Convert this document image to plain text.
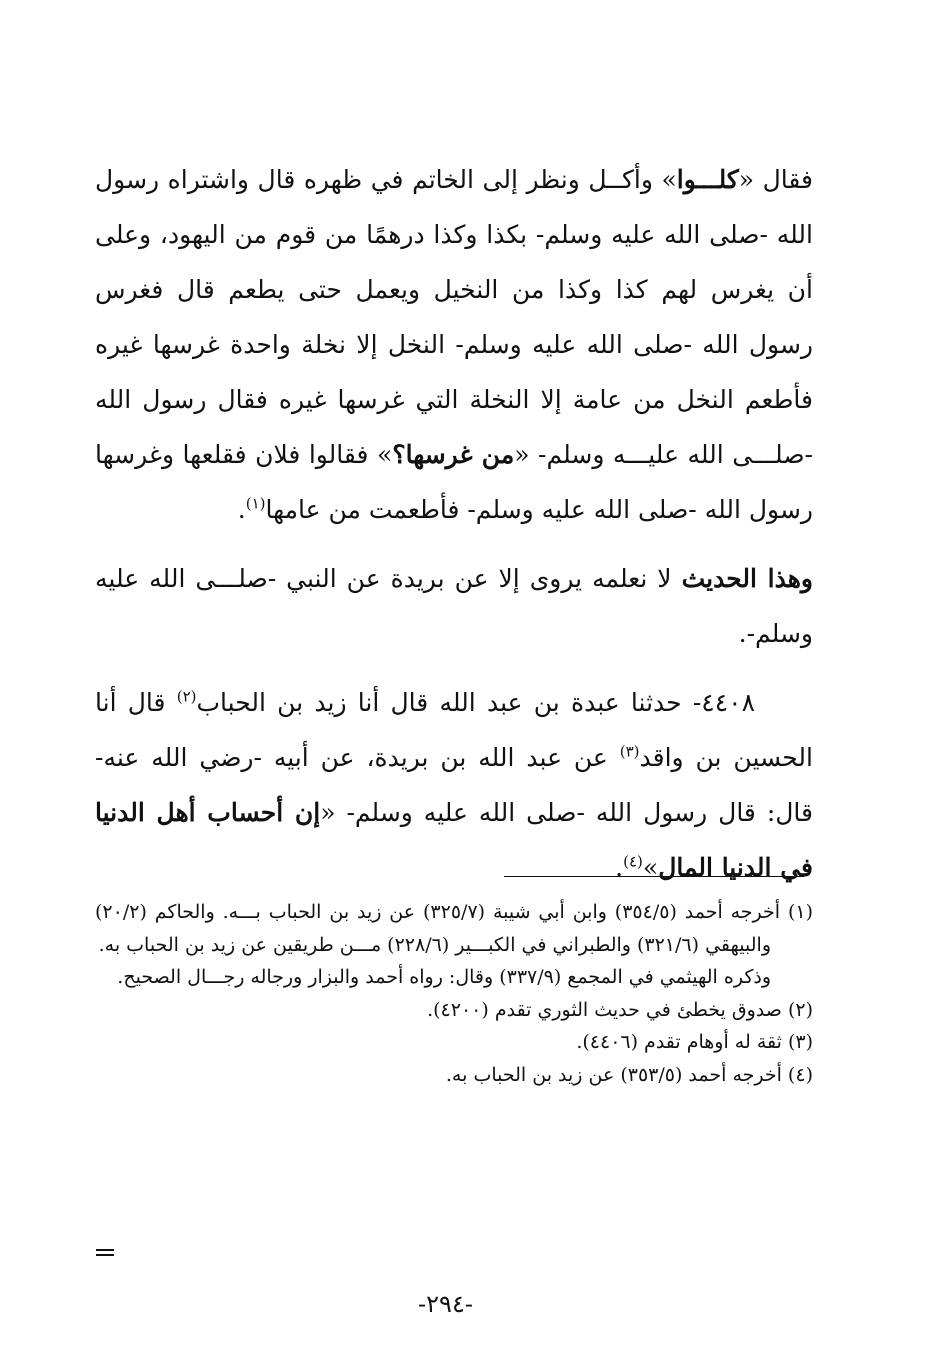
فقال «كلـــوا» وأكــل ونظر إلى الخاتم في ظهره قال واشتراه رسول الله -صلى الله عليه وسلم- بكذا وكذا درهمًا من قوم من اليهود، وعلى أن يغرس لهم كذا وكذا من النخيل ويعمل حتى يطعم قال فغرس رسول الله -صلى الله عليه وسلم- النخل إلا نخلة واحدة غرسها غيره فأطعم النخل من عامة إلا النخلة التي غرسها غيره فقال رسول الله -صلـــى الله عليـــه وسلم- «من غرسها؟» فقالوا فلان فقلعها وغرسها رسول الله -صلى الله عليه وسلم- فأطعمت من عامها$^{(١)}$.

وهذا الحديث لا نعلمه يروى إلا عن بريدة عن النبي -صلـــى الله عليه وسلم-.

٤٤٠٨- حدثنا عبدة بن عبد الله قال أنا زيد بن الحباب$^{(٢)}$ قال أنا الحسين بن واقد$^{(٣)}$ عن عبد الله بن بريدة، عن أبيه -رضي الله عنه- قال: قال رسول الله -صلى الله عليه وسلم- «إن أحساب أهل الدنيا في الدنيا المال»$^{(٤)}$.

(١) أخرجه أحمد (٣٥٤/٥) وابن أبي شيبة (٣٢٥/٧) عن زيد بن الحباب بـــه. والحاكم (٢٠/٢) والبيهقي (٣٢١/٦) والطبراني في الكبـــير (٢٢٨/٦) مـــن طريقين عن زيد بن الحباب به.

وذكره الهيثمي في المجمع (٣٣٧/٩) وقال: رواه أحمد والبزار ورجاله رجـــال الصحيح.

(٢) صدوق يخطئ في حديث الثوري تقدم (٤٢٠٠).

(٣) ثقة له أوهام تقدم (٤٤٠٦).

(٤) أخرجه أحمد (٣٥٣/٥) عن زيد بن الحباب به.

-٢٩٤-
